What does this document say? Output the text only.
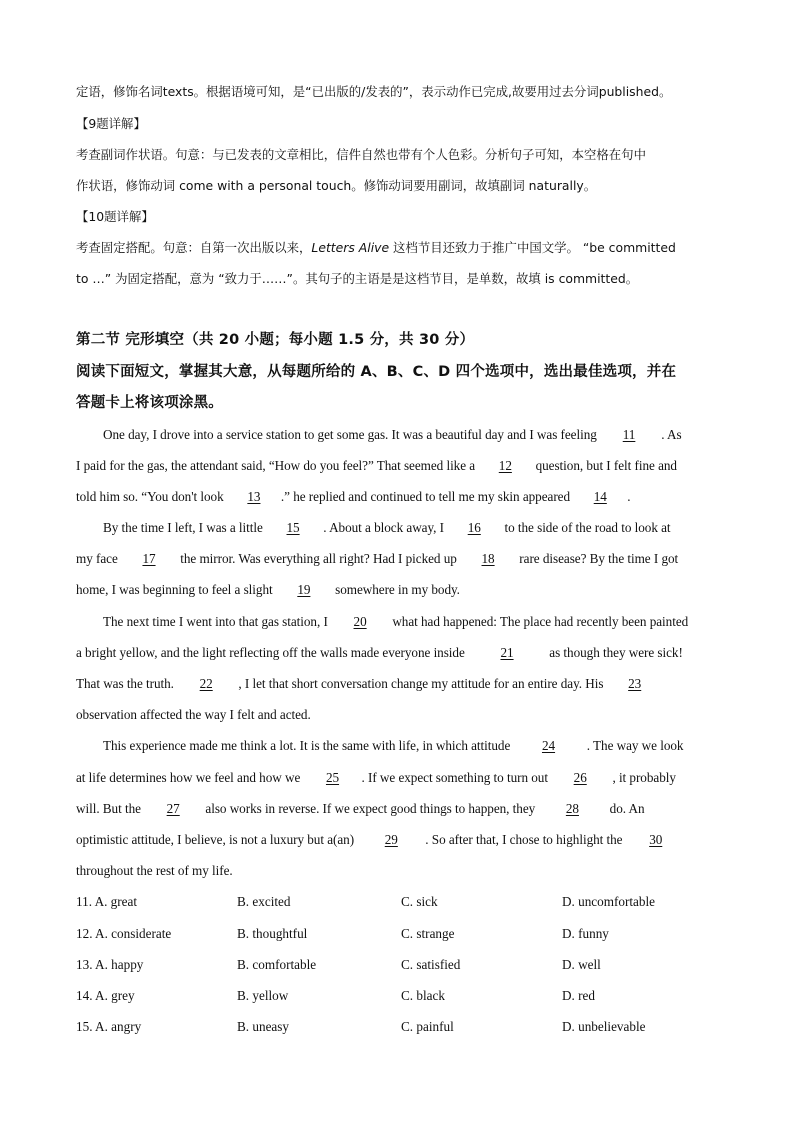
定语，修饰名词texts。根据语境可知，是“已出版的/发表的”，表示动作已完成,故要用过去分词published。
【9题详解】
考查副词作状语。句意：与已发表的文章相比，信件自然也带有个人色彩。分析句子可知，本空格在句中
作状语，修饰动词 come with a personal touch。修饰动词要用副词，故填副词 naturally。
【10题详解】
考查固定搭配。句意：自第一次出版以来，Letters Alive 这档节目还致力于推广中国文学。 “be committed
to …” 为固定搭配，意为 “致力于……”。其句子的主语是是这档节目，是单数，故填 is committed。
第二节 完形填空（共 20 小题；每小题 1.5 分，共 30 分）
阅读下面短文，掌握其大意，从每题所给的 A、B、C、D 四个选项中，选出最佳选项，并在
答题卡上将该项涂黑。
One day, I drove into a service station to get some gas. It was a beautiful day and I was feeling 11 . As
I paid for the gas, the attendant said, “How do you feel?” That seemed like a 12 question, but I felt fine and
told him so. “You don't look 13 .” he replied and continued to tell me my skin appeared 14 .
By the time I left, I was a little 15 . About a block away, I 16 to the side of the road to look at
my face 17 the mirror. Was everything all right? Had I picked up 18 rare disease? By the time I got
home, I was beginning to feel a slight 19 somewhere in my body.
The next time I went into that gas station, I 20 what had happened: The place had recently been painted
a bright yellow, and the light reflecting off the walls made everyone inside 21 as though they were sick!
That was the truth. 22 , I let that short conversation change my attitude for an entire day. His 23
observation affected the way I felt and acted.
This experience made me think a lot. It is the same with life, in which attitude 24 . The way we look
at life determines how we feel and how we 25 . If we expect something to turn out 26 , it probably
will. But the 27 also works in reverse. If we expect good things to happen, they 28 do. An
optimistic attitude, I believe, is not a luxury but a(an) 29 . So after that, I chose to highlight the 30
throughout the rest of my life.
11. A. great	B. excited	C. sick	D. uncomfortable
12. A. considerate	B. thoughtful	C. strange	D. funny
13. A. happy	B. comfortable	C. satisfied	D. well
14. A. grey	B. yellow	C. black	D. red
15. A. angry	B. uneasy	C. painful	D. unbelievable
